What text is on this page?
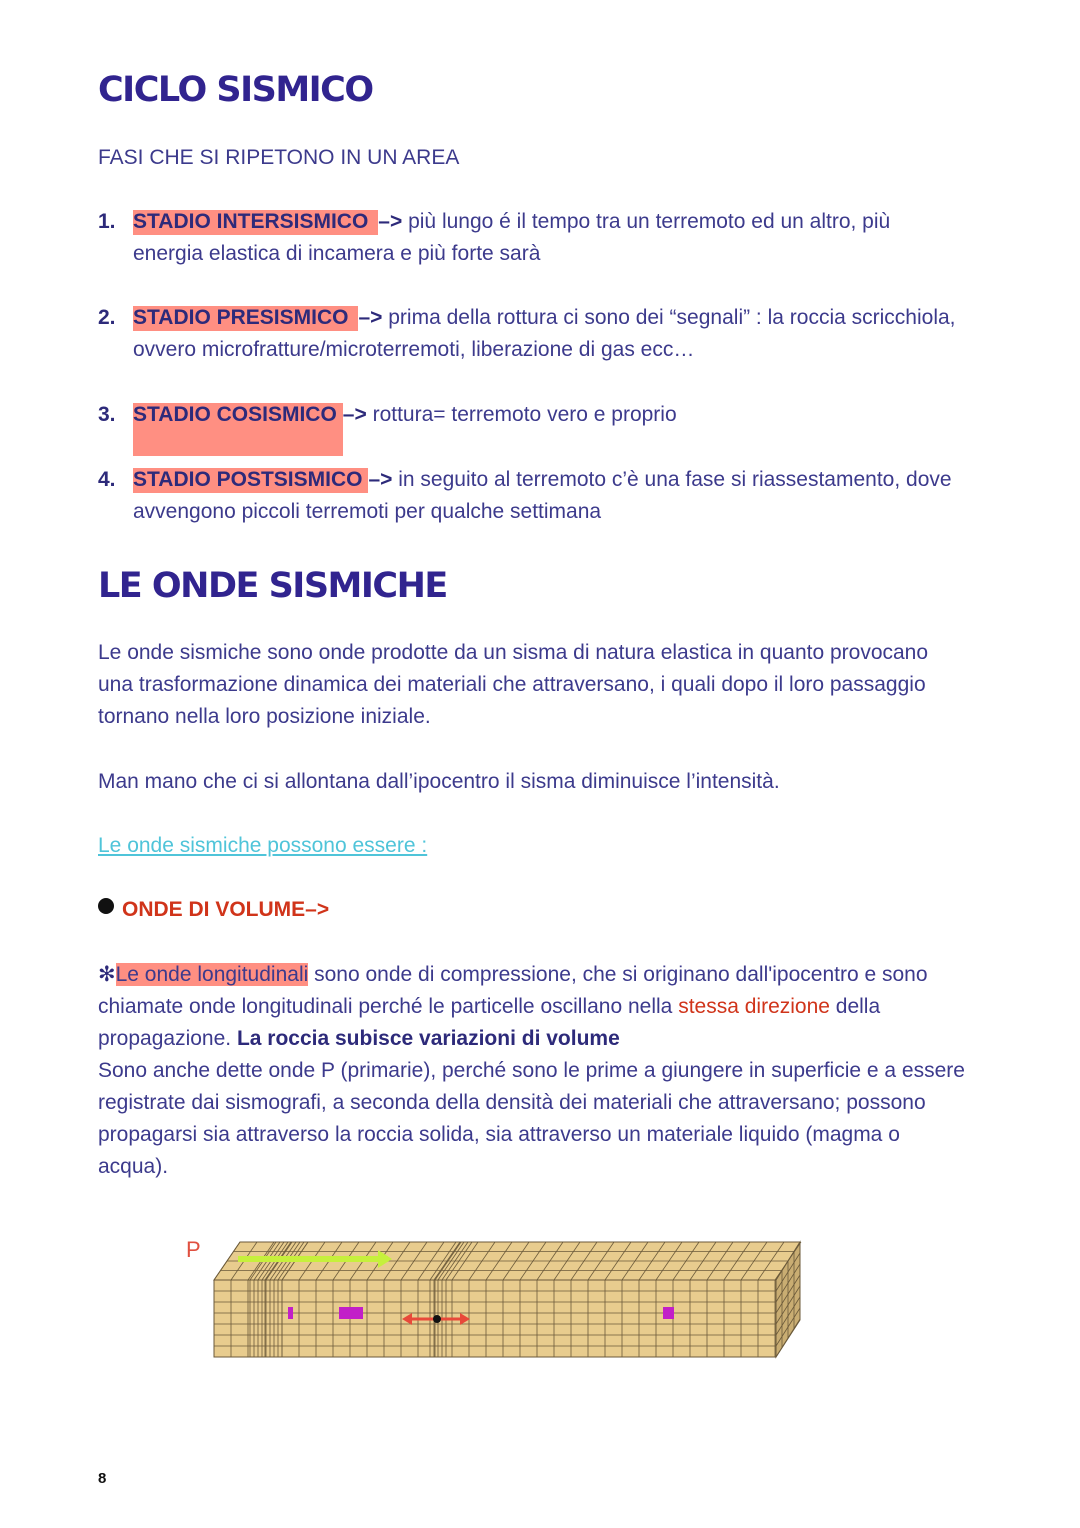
CICLO SISMICO
FASI CHE SI RIPETONO IN UN AREA
1. STADIO INTERSISMICO –> più lungo é il tempo tra un terremoto ed un altro, più energia elastica di incamera e più forte sarà
2. STADIO PRESISMICO –> prima della rottura ci sono dei “segnali” : la roccia scricchiola, ovvero microfratture/microterremoti, liberazione di gas ecc…
3. STADIO COSISMICO –> rottura= terremoto vero e proprio
4. STADIO POSTSISMICO –> in seguito al terremoto c’è una fase si riassestamento, dove avvengono piccoli terremoti per qualche settimana
LE ONDE SISMICHE
Le onde sismiche sono onde prodotte da un sisma di natura elastica in quanto provocano una trasformazione dinamica dei materiali che attraversano, i quali dopo il loro passaggio tornano nella loro posizione iniziale.
Man mano che ci si allontana dall’ipocentro il sisma diminuisce l’intensità.
Le onde sismiche possono essere :
ONDE DI VOLUME–>
✻Le onde longitudinali sono onde di compressione, che si originano dall'ipocentro e sono chiamate onde longitudinali perché le particelle oscillano nella stessa direzione della propagazione. La roccia subisce variazioni di volume
Sono anche dette onde P (primarie), perché sono le prime a giungere in superficie e a essere registrate dai sismografi, a seconda della densità dei materiali che attraversano; possono propagarsi sia attraverso la roccia solida, sia attraverso un materiale liquido (magma o acqua).
P
8
